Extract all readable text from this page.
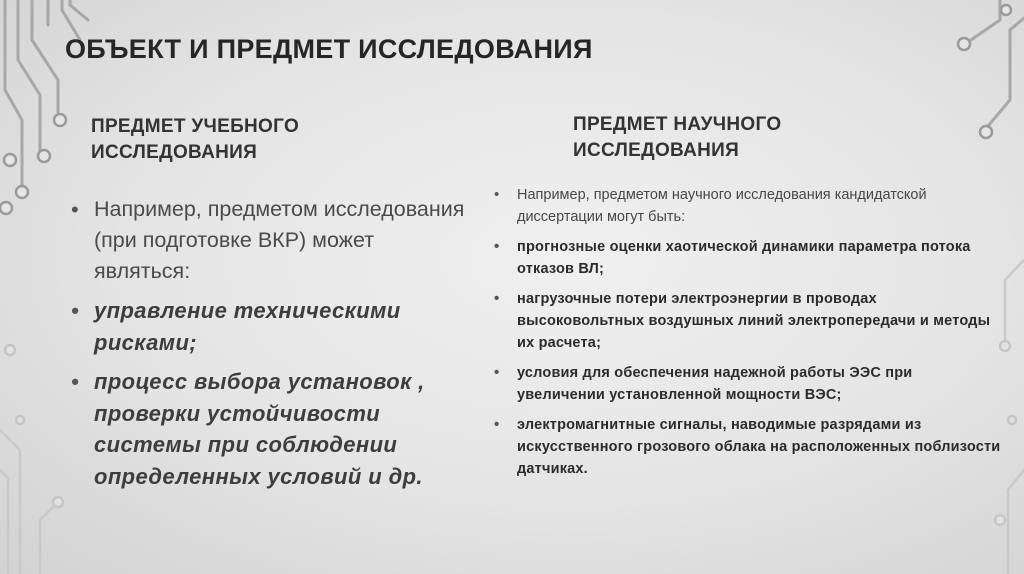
ОБЪЕКТ И ПРЕДМЕТ ИССЛЕДОВАНИЯ
ПРЕДМЕТ УЧЕБНОГО
ИССЛЕДОВАНИЯ
ПРЕДМЕТ НАУЧНОГО
ИССЛЕДОВАНИЯ
• Например, предметом исследования (при подготовке ВКР) может являться:
• управление техническими рисками;
• процесс выбора установок , проверки устойчивости системы при соблюдении определенных условий и др.
• Например, предметом научного исследования кандидатской диссертации могут быть:
• прогнозные оценки хаотической динамики параметра потока отказов ВЛ;
• нагрузочные потери электроэнергии в проводах высоковольтных воздушных линий электропередачи и методы их расчета;
• условия для обеспечения надежной работы ЭЭС при увеличении установленной мощности ВЭС;
• электромагнитные сигналы, наводимые разрядами из искусственного грозового облака на расположенных поблизости датчиках.
